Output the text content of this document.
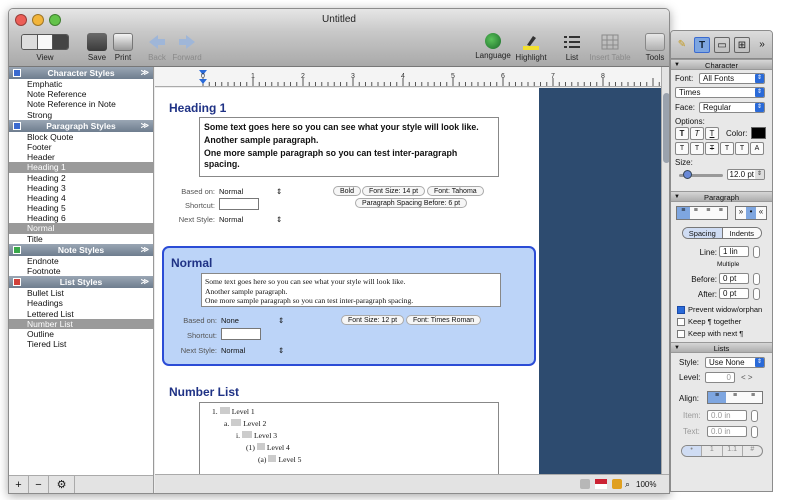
Untitled
View	Save	Print	Back Forward	Language Highlight	List	Insert Table	Tools
Character Styles	≫
Emphatic
Note Reference
Note Reference in Note
Strong
Paragraph Styles	≫
Block Quote
Footer
Header
Heading 1
Heading 2
Heading 3
Heading 4
Heading 5
Heading 6
Normal
Title
Note Styles	≫
Endnote
Footnote
List Styles	≫
Bullet List
Headings
Lettered List
Number List
Outline
Tiered List
+	−	⚙
0	1	2	3	4	5	6	7	8
Heading 1

Some text goes here so you can see what your style will look like.

Another sample paragraph.

One more sample paragraph so you can test inter-paragraph spacing.

Based on: Normal	⇕
Shortcut:
Next Style: Normal	⇕
Bold	Font Size: 14 pt	Font: Tahoma
Paragraph Spacing Before: 6 pt
Normal

Some text goes here so you can see what your style will look like.

Another sample paragraph.

One more sample paragraph so you can test inter-paragraph spacing.

Based on: None	⇕
Shortcut:
Next Style: Normal	⇕
Font Size: 12 pt	Font: Times Roman
Number List
1. Level 1
a. Level 2
i. Level 3
(1) Level 4
(a) Level 5
⌕ 100%
✎	T	▭	⊞	»
▼	Character
Font:	All Fonts	⇕
Times	⇕
Face: Regular	⇕
Options:
T	T	T	Color:
T	T	T	T	T	A
Size:
12.0 pt ⇕
▼	Paragraph
≡	≡	≡	≡	» • «
Spacing	Indents
Line: 1 lin
Multiple
Before: 0 pt
After: 0 pt
Prevent widow/orphan
Keep ¶ together
Keep with next ¶
▼	Lists
Style:	Use None	⇕
Level:	0	< >
Align:	≡	≡	≡
Item:	0.0 in
Text:	0.0 in
•	1	1.1	#
